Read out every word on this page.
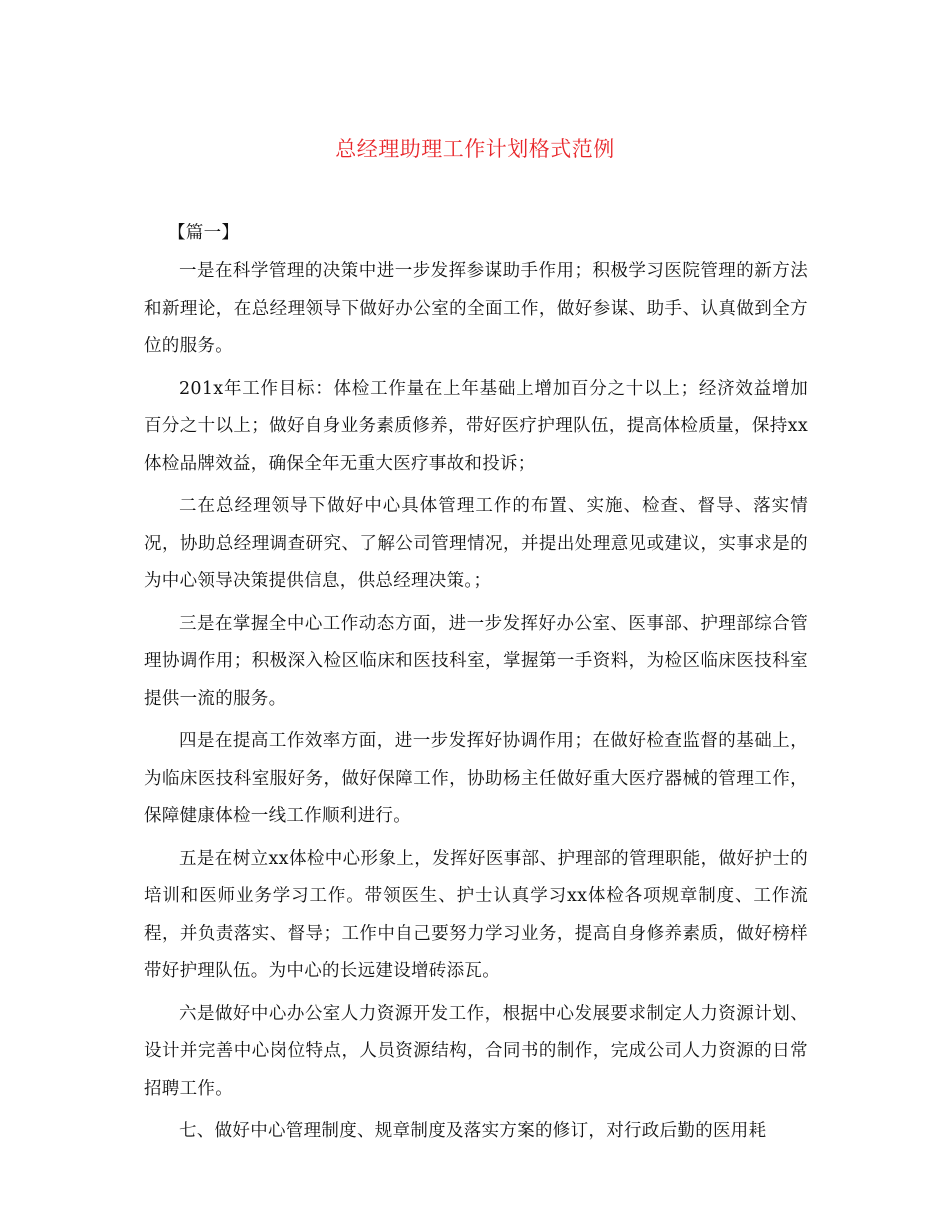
总经理助理工作计划格式范例
【篇一】

一是在科学管理的决策中进一步发挥参谋助手作用；积极学习医院管理的新方法和新理论，在总经理领导下做好办公室的全面工作，做好参谋、助手、认真做到全方位的服务。

201x年工作目标：体检工作量在上年基础上增加百分之十以上；经济效益增加百分之十以上；做好自身业务素质修养，带好医疗护理队伍，提高体检质量，保持xx体检品牌效益，确保全年无重大医疗事故和投诉；

二在总经理领导下做好中心具体管理工作的布置、实施、检查、督导、落实情况，协助总经理调查研究、了解公司管理情况，并提出处理意见或建议，实事求是的为中心领导决策提供信息，供总经理决策。；

三是在掌握全中心工作动态方面，进一步发挥好办公室、医事部、护理部综合管理协调作用；积极深入检区临床和医技科室，掌握第一手资料，为检区临床医技科室提供一流的服务。

四是在提高工作效率方面，进一步发挥好协调作用；在做好检查监督的基础上，为临床医技科室服好务，做好保障工作，协助杨主任做好重大医疗器械的管理工作，保障健康体检一线工作顺利进行。

五是在树立xx体检中心形象上，发挥好医事部、护理部的管理职能，做好护士的培训和医师业务学习工作。带领医生、护士认真学习xx体检各项规章制度、工作流程，并负责落实、督导；工作中自己要努力学习业务，提高自身修养素质，做好榜样带好护理队伍。为中心的长远建设增砖添瓦。

六是做好中心办公室人力资源开发工作，根据中心发展要求制定人力资源计划、设计并完善中心岗位特点，人员资源结构，合同书的制作，完成公司人力资源的日常招聘工作。

七、做好中心管理制度、规章制度及落实方案的修订，对行政后勤的医用耗
